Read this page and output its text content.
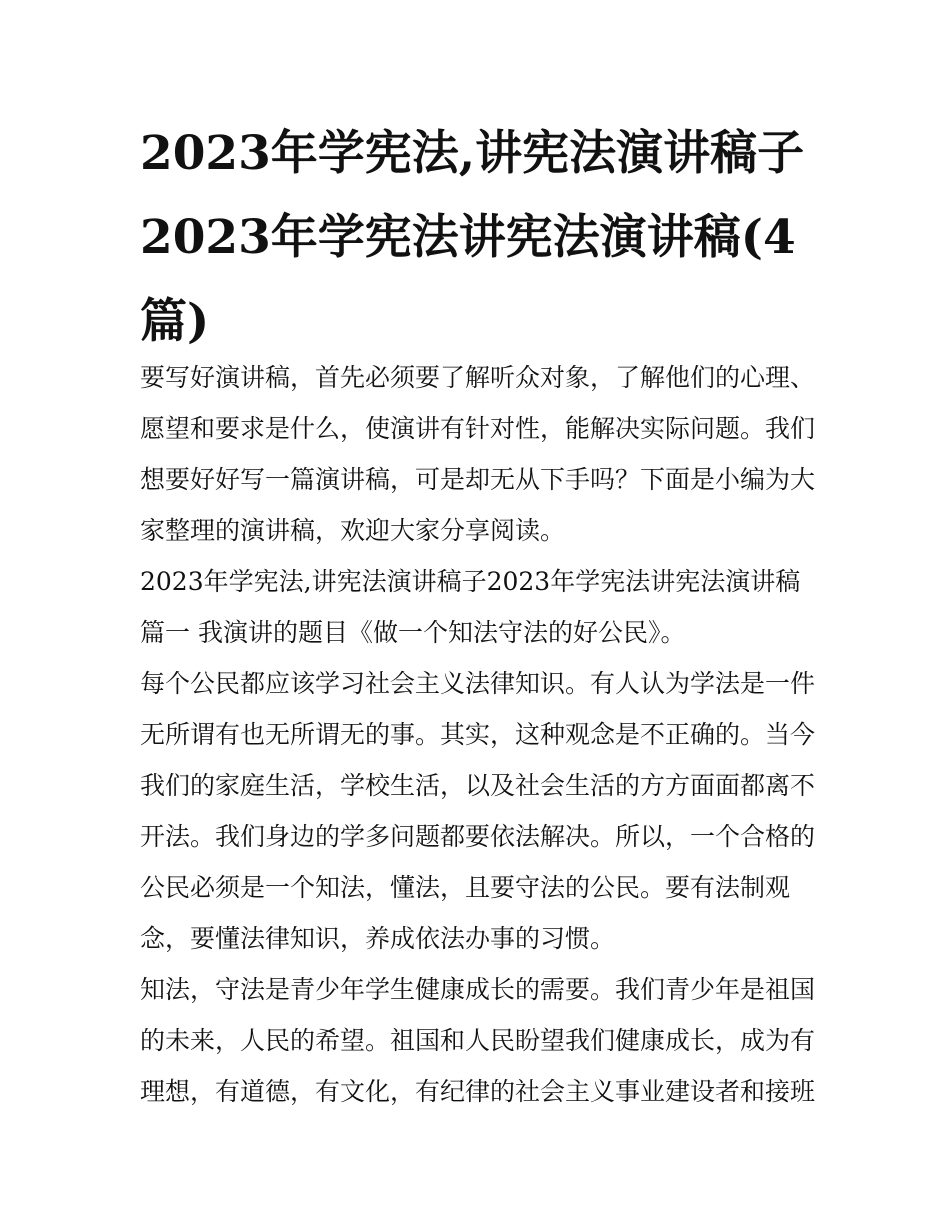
2023年学宪法,讲宪法演讲稿子2023年学宪法讲宪法演讲稿(4篇)

要写好演讲稿，首先必须要了解听众对象，了解他们的心理、愿望和要求是什么，使演讲有针对性，能解决实际问题。我们想要好好写一篇演讲稿，可是却无从下手吗？下面是小编为大家整理的演讲稿，欢迎大家分享阅读。

2023年学宪法,讲宪法演讲稿子2023年学宪法讲宪法演讲稿篇一 我演讲的题目《做一个知法守法的好公民》。

每个公民都应该学习社会主义法律知识。有人认为学法是一件无所谓有也无所谓无的事。其实，这种观念是不正确的。当今我们的家庭生活，学校生活，以及社会生活的方方面面都离不开法。我们身边的学多问题都要依法解决。所以，一个合格的公民必须是一个知法，懂法，且要守法的公民。要有法制观念，要懂法律知识，养成依法办事的习惯。

知法，守法是青少年学生健康成长的需要。我们青少年是祖国的未来，人民的希望。祖国和人民盼望我们健康成长，成为有理想，有道德，有文化，有纪律的社会主义事业建设者和接班
